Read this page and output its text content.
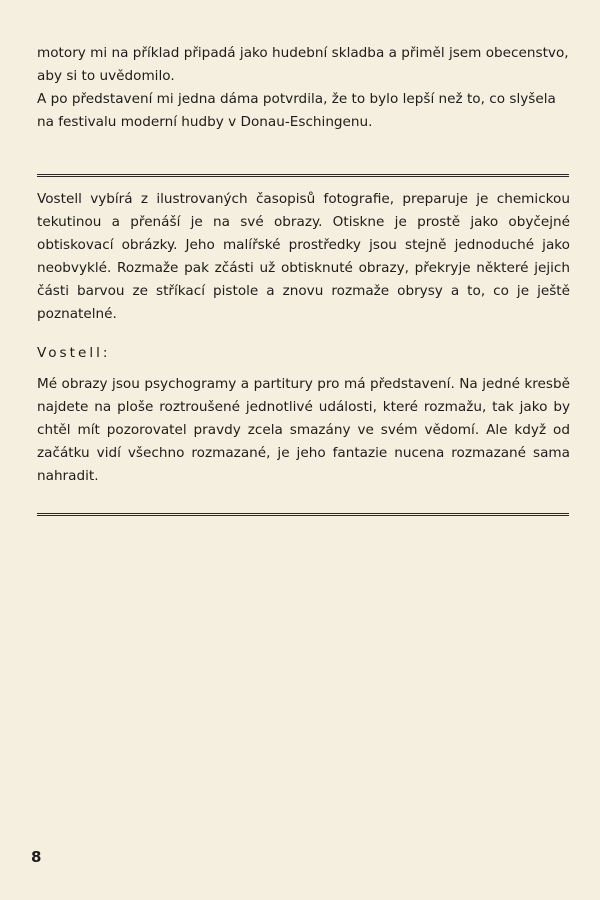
motory mi na příklad připadá jako hudební skladba a přiměl jsem obecenstvo,

aby si to uvědomilo.

A po představení mi jedna dáma potvrdila, že to bylo lepší než to, co slyšela

na festivalu moderní hudby v Donau-Eschingenu.

Vostell vybírá z ilustrovaných časopisů fotografie, preparuje je chemickou tekutinou a přenáší je na své obrazy. Otiskne je prostě jako obyčejné obtiskovací obrázky. Jeho malířské prostředky jsou stejně jednoduché jako neobvyklé. Rozmaže pak zčásti už obtisknuté obrazy, překryje některé jejich části barvou ze stříkací pistole a znovu rozmaže obrysy a to, co je ještě poznatelné.

Vostell:

Mé obrazy jsou psychogramy a partitury pro má představení. Na jedné kresbě najdete na ploše roztroušené jednotlivé události, které rozmažu, tak jako by chtěl mít pozorovatel pravdy zcela smazány ve svém vědomí. Ale když od začátku vidí všechno rozmazané, je jeho fantazie nucena rozmazané sama nahradit.

8
